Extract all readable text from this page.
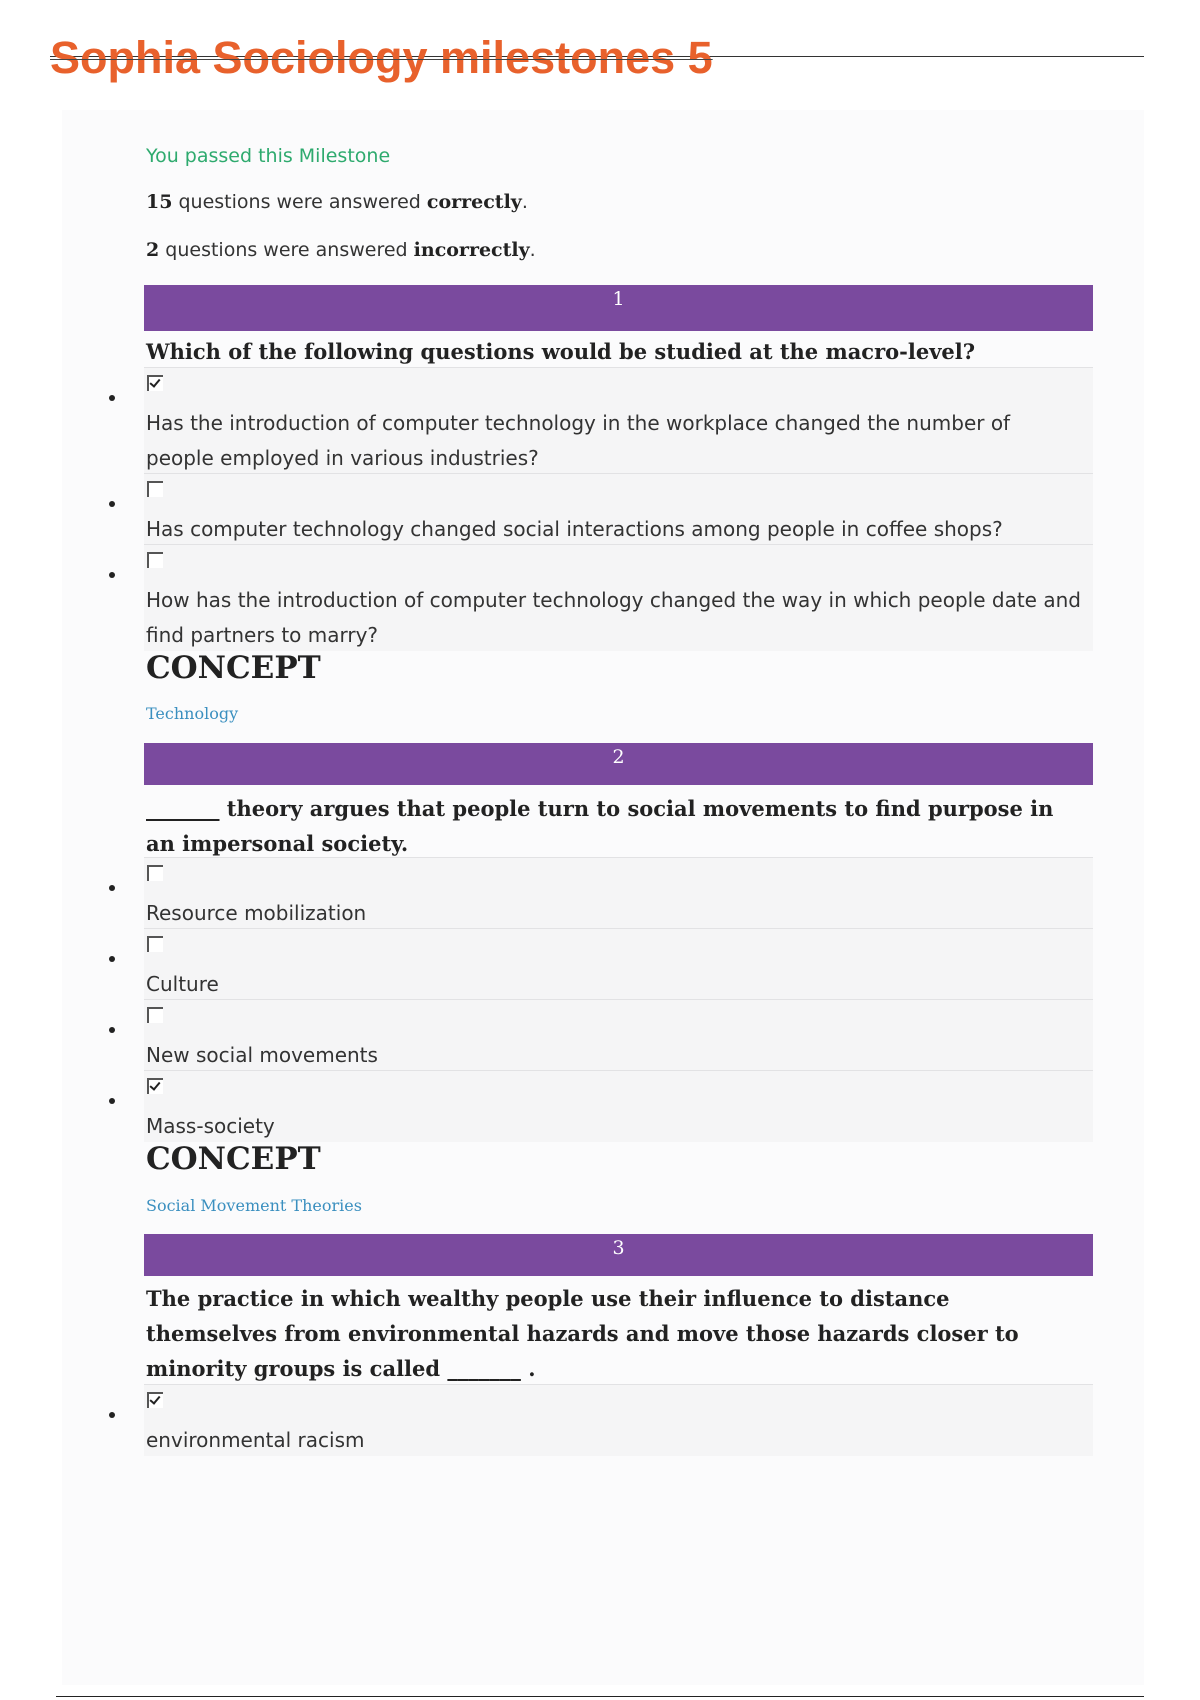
Sophia Sociology milestones 5
You passed this Milestone
15 questions were answered correctly.
2 questions were answered incorrectly.
1

Which of the following questions would be studied at the macro-level?

Has the introduction of computer technology in the workplace changed the number of people employed in various industries?
Has computer technology changed social interactions among people in coffee shops?
How has the introduction of computer technology changed the way in which people date and find partners to marry?
CONCEPT
Technology
2

_______ theory argues that people turn to social movements to find purpose in an impersonal society.

Resource mobilization
Culture
New social movements
Mass-society
CONCEPT
Social Movement Theories
3

The practice in which wealthy people use their influence to distance themselves from environmental hazards and move those hazards closer to minority groups is called _______ .

environmental racism
